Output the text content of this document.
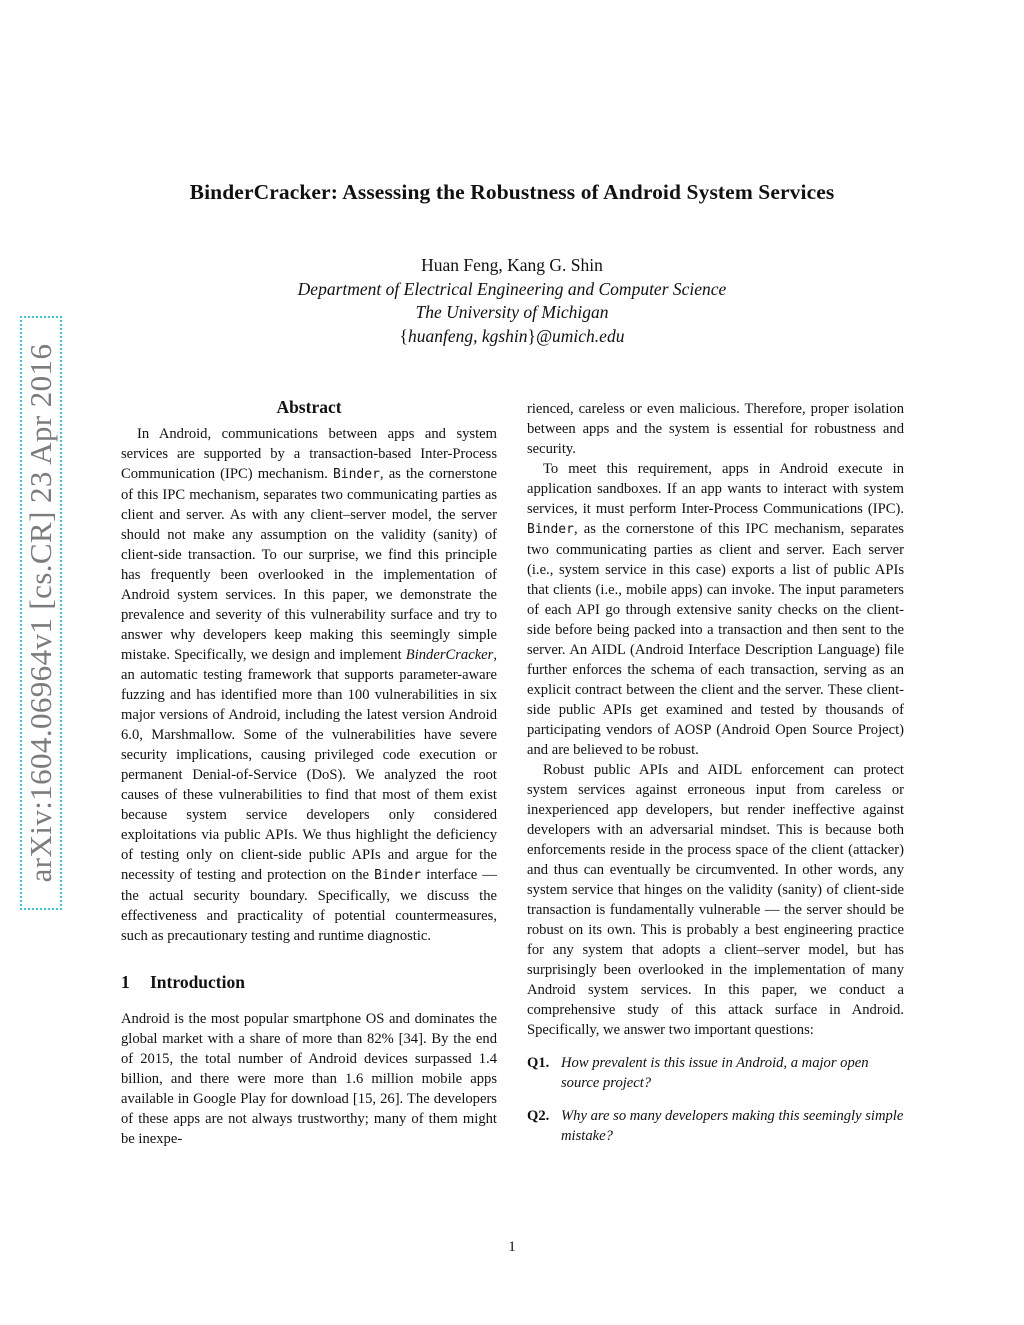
BinderCracker: Assessing the Robustness of Android System Services
Huan Feng, Kang G. Shin
Department of Electrical Engineering and Computer Science
The University of Michigan
{huanfeng, kgshin}@umich.edu
arXiv:1604.06964v1 [cs.CR] 23 Apr 2016	Abstract

In Android, communications between apps and system services are supported by a transaction-based Inter-Process Communication (IPC) mechanism. Binder, as the cornerstone of this IPC mechanism, separates two communicating parties as client and server. As with any client–server model, the server should not make any assumption on the validity (sanity) of client-side transaction. To our surprise, we find this principle has frequently been overlooked in the implementation of Android system services. In this paper, we demonstrate the prevalence and severity of this vulnerability surface and try to answer why developers keep making this seemingly simple mistake. Specifically, we design and implement BinderCracker, an automatic testing framework that supports parameter-aware fuzzing and has identified more than 100 vulnerabilities in six major versions of Android, including the latest version Android 6.0, Marshmallow. Some of the vulnerabilities have severe security implications, causing privileged code execution or permanent Denial-of-Service (DoS). We analyzed the root causes of these vulnerabilities to find that most of them exist because system service developers only considered exploitations via public APIs. We thus highlight the deficiency of testing only on client-side public APIs and argue for the necessity of testing and protection on the Binder interface — the actual security boundary. Specifically, we discuss the effectiveness and practicality of potential countermeasures, such as precautionary testing and runtime diagnostic.

1 Introduction

Android is the most popular smartphone OS and dominates the global market with a share of more than 82% [34]. By the end of 2015, the total number of Android devices surpassed 1.4 billion, and there were more than 1.6 million mobile apps available in Google Play for download [15, 26]. The developers of these apps are not always trustworthy; many of them might be inexpe-

rienced, careless or even malicious. Therefore, proper isolation between apps and the system is essential for robustness and security.

To meet this requirement, apps in Android execute in application sandboxes. If an app wants to interact with system services, it must perform Inter-Process Communications (IPC). Binder, as the cornerstone of this IPC mechanism, separates two communicating parties as client and server. Each server (i.e., system service in this case) exports a list of public APIs that clients (i.e., mobile apps) can invoke. The input parameters of each API go through extensive sanity checks on the client-side before being packed into a transaction and then sent to the server. An AIDL (Android Interface Description Language) file further enforces the schema of each transaction, serving as an explicit contract between the client and the server. These client-side public APIs get examined and tested by thousands of participating vendors of AOSP (Android Open Source Project) and are believed to be robust.

Robust public APIs and AIDL enforcement can protect system services against erroneous input from careless or inexperienced app developers, but render ineffective against developers with an adversarial mindset. This is because both enforcements reside in the process space of the client (attacker) and thus can eventually be circumvented. In other words, any system service that hinges on the validity (sanity) of client-side transaction is fundamentally vulnerable — the server should be robust on its own. This is probably a best engineering practice for any system that adopts a client–server model, but has surprisingly been overlooked in the implementation of many Android system services. In this paper, we conduct a comprehensive study of this attack surface in Android. Specifically, we answer two important questions:

Q1. How prevalent is this issue in Android, a major open source project?
Q2. Why are so many developers making this seemingly simple mistake?
1
